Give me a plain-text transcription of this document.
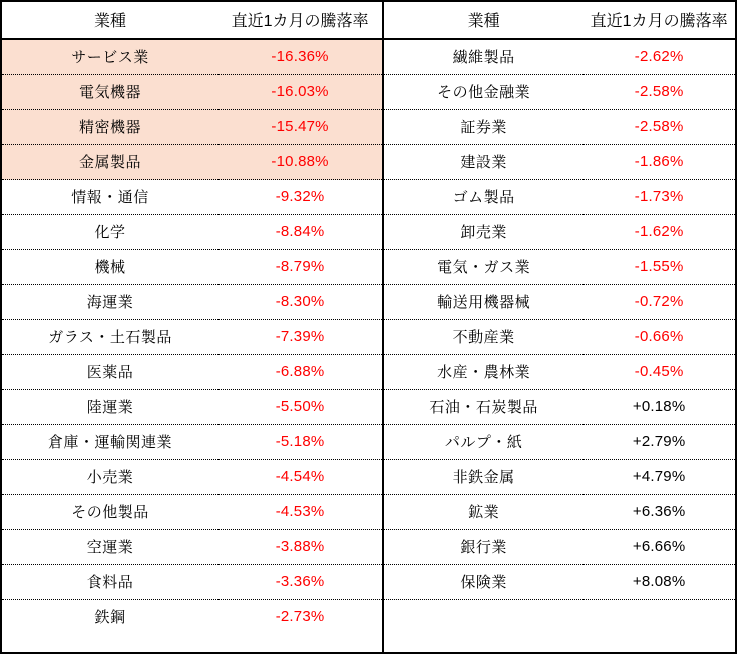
業種	直近1カ月の騰落率
サービス業	-16.36%
電気機器	-16.03%
精密機器	-15.47%
金属製品	-10.88%
情報・通信	-9.32%
化学	-8.84%
機械	-8.79%
海運業	-8.30%
ガラス・土石製品	-7.39%
医薬品	-6.88%
陸運業	-5.50%
倉庫・運輸関連業	-5.18%
小売業	-4.54%
その他製品	-4.53%
空運業	-3.88%
食料品	-3.36%
鉄鋼	-2.73%
業種	直近1カ月の騰落率
繊維製品	-2.62%
その他金融業	-2.58%
証券業	-2.58%
建設業	-1.86%
ゴム製品	-1.73%
卸売業	-1.62%
電気・ガス業	-1.55%
輸送用機器械	-0.72%
不動産業	-0.66%
水産・農林業	-0.45%
石油・石炭製品	+0.18%
パルプ・紙	+2.79%
非鉄金属	+4.79%
鉱業	+6.36%
銀行業	+6.66%
保険業	+8.08%
